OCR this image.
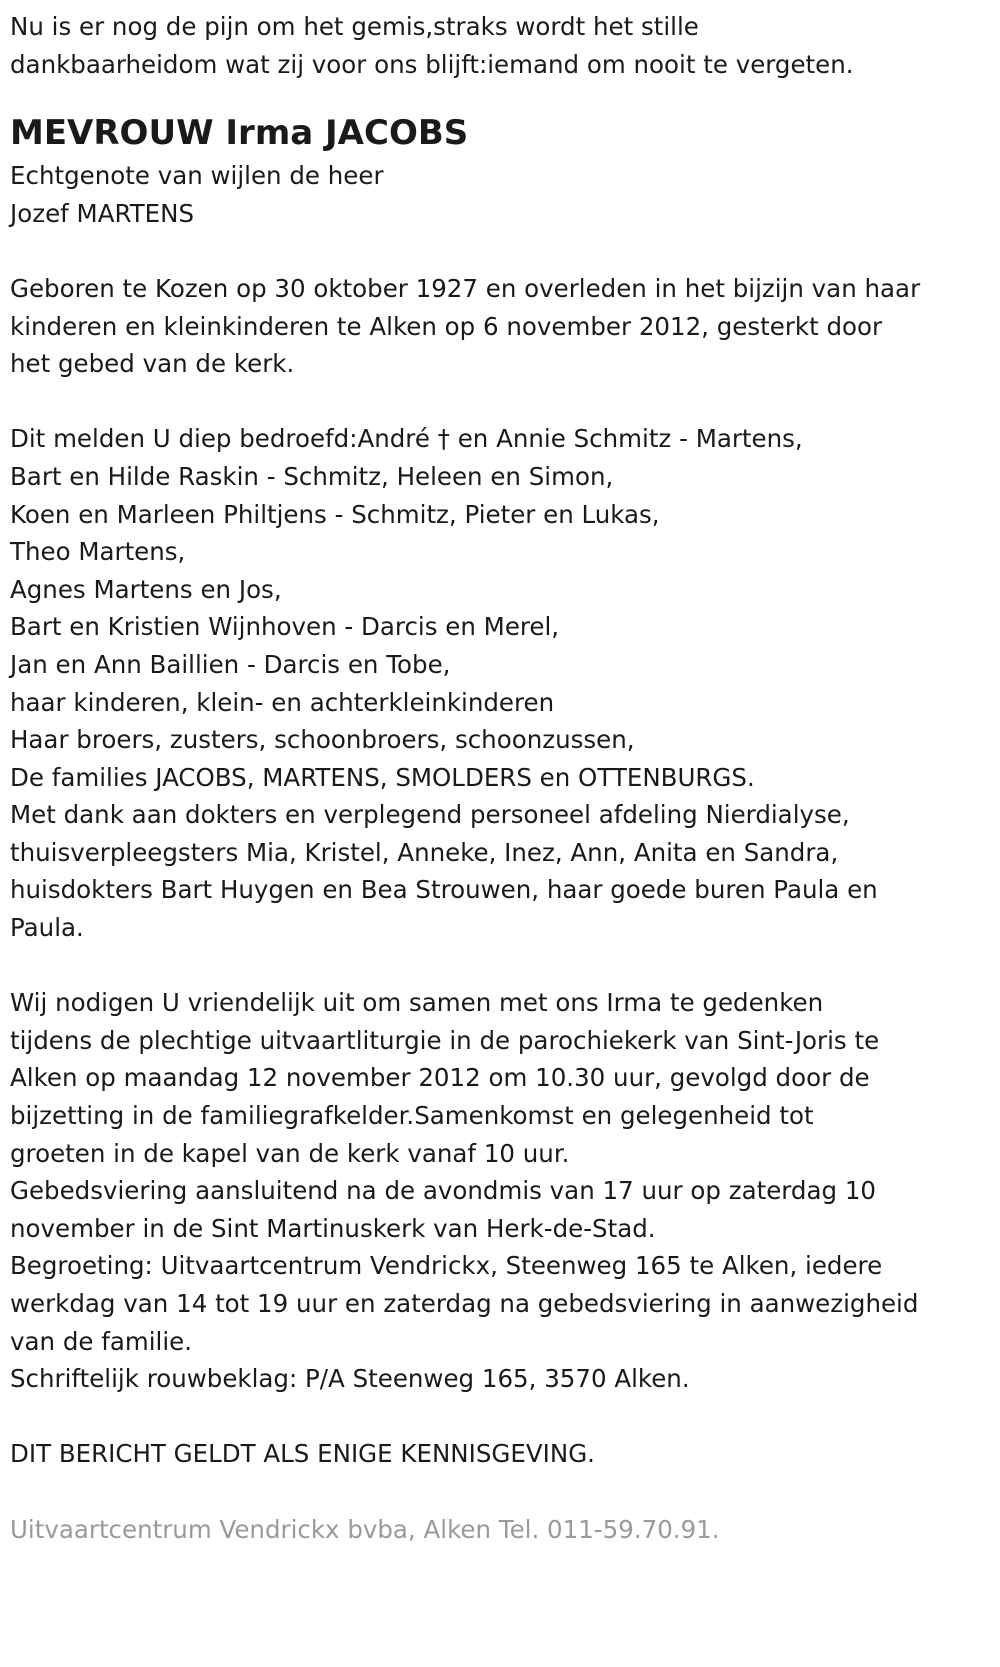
Nu is er nog de pijn om het gemis,straks wordt het stille

dankbaarheidom wat zij voor ons blijft:iemand om nooit te vergeten.

MEVROUW Irma JACOBS

Echtgenote van wijlen de heer

Jozef MARTENS

Geboren te Kozen op 30 oktober 1927 en overleden in het bijzijn van haar

kinderen en kleinkinderen te Alken op 6 november 2012, gesterkt door

het gebed van de kerk.

Dit melden U diep bedroefd:André † en Annie Schmitz - Martens,

Bart en Hilde Raskin - Schmitz, Heleen en Simon,

Koen en Marleen Philtjens - Schmitz, Pieter en Lukas,

Theo Martens,

Agnes Martens en Jos,

Bart en Kristien Wijnhoven - Darcis en Merel,

Jan en Ann Baillien - Darcis en Tobe,

haar kinderen, klein- en achterkleinkinderen

Haar broers, zusters, schoonbroers, schoonzussen,

De families JACOBS, MARTENS, SMOLDERS en OTTENBURGS.

Met dank aan dokters en verplegend personeel afdeling Nierdialyse,

thuisverpleegsters Mia, Kristel, Anneke, Inez, Ann, Anita en Sandra,

huisdokters Bart Huygen en Bea Strouwen, haar goede buren Paula en

Paula.

Wij nodigen U vriendelijk uit om samen met ons Irma te gedenken

tijdens de plechtige uitvaartliturgie in de parochiekerk van Sint-Joris te

Alken op maandag 12 november 2012 om 10.30 uur, gevolgd door de

bijzetting in de familiegrafkelder.Samenkomst en gelegenheid tot

groeten in de kapel van de kerk vanaf 10 uur.

Gebedsviering aansluitend na de avondmis van 17 uur op zaterdag 10

november in de Sint Martinuskerk van Herk-de-Stad.

Begroeting: Uitvaartcentrum Vendrickx, Steenweg 165 te Alken, iedere

werkdag van 14 tot 19 uur en zaterdag na gebedsviering in aanwezigheid

van de familie.

Schriftelijk rouwbeklag: P/A Steenweg 165, 3570 Alken.

DIT BERICHT GELDT ALS ENIGE KENNISGEVING.

Uitvaartcentrum Vendrickx bvba, Alken Tel. 011-59.70.91.
